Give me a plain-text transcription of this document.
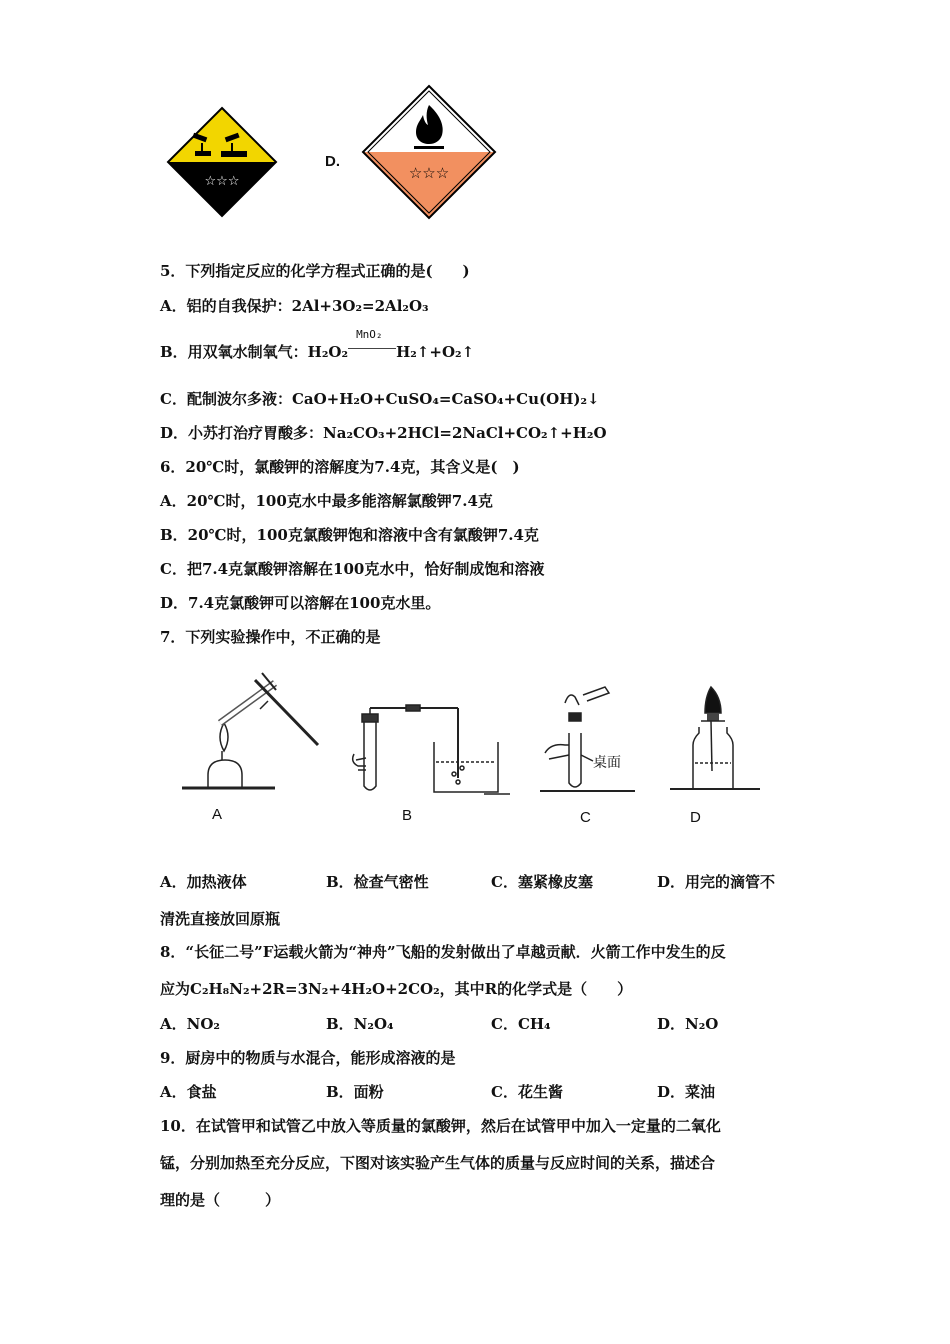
☆☆☆
D.
☆☆☆
5．下列指定反应的化学方程式正确的是(　　)
A．铝的自我保护：2Al+3O₂=2Al₂O₃
B．用双氧水制氧气：H₂O₂
MnO₂
H₂↑+O₂↑
C．配制波尔多液：CaO+H₂O+CuSO₄=CaSO₄+Cu(OH)₂↓
D．小苏打治疗胃酸多：Na₂CO₃+2HCl=2NaCl+CO₂↑+H₂O
6．20℃时，氯酸钾的溶解度为7.4克，其含义是(　)
A．20℃时，100克水中最多能溶解氯酸钾7.4克
B．20℃时，100克氯酸钾饱和溶液中含有氯酸钾7.4克
C．把7.4克氯酸钾溶解在100克水中，恰好制成饱和溶液
D．7.4克氯酸钾可以溶解在100克水里。
7．下列实验操作中，不正确的是
桌面
A	B	C	D
A．加热液体	B．检查气密性	C．塞紧橡皮塞	D．用完的滴管不
清洗直接放回原瓶
8．“长征二号”F运载火箭为“神舟”飞船的发射做出了卓越贡献．火箭工作中发生的反
应为C₂H₈N₂+2R=3N₂+4H₂O+2CO₂，其中R的化学式是（　　）
A．NO₂	B．N₂O₄	C．CH₄	D．N₂O
9．厨房中的物质与水混合，能形成溶液的是
A．食盐	B．面粉	C．花生酱	D．菜油
10．在试管甲和试管乙中放入等质量的氯酸钾，然后在试管甲中加入一定量的二氧化
锰，分别加热至充分反应，下图对该实验产生气体的质量与反应时间的关系，描述合
理的是（　　　）
